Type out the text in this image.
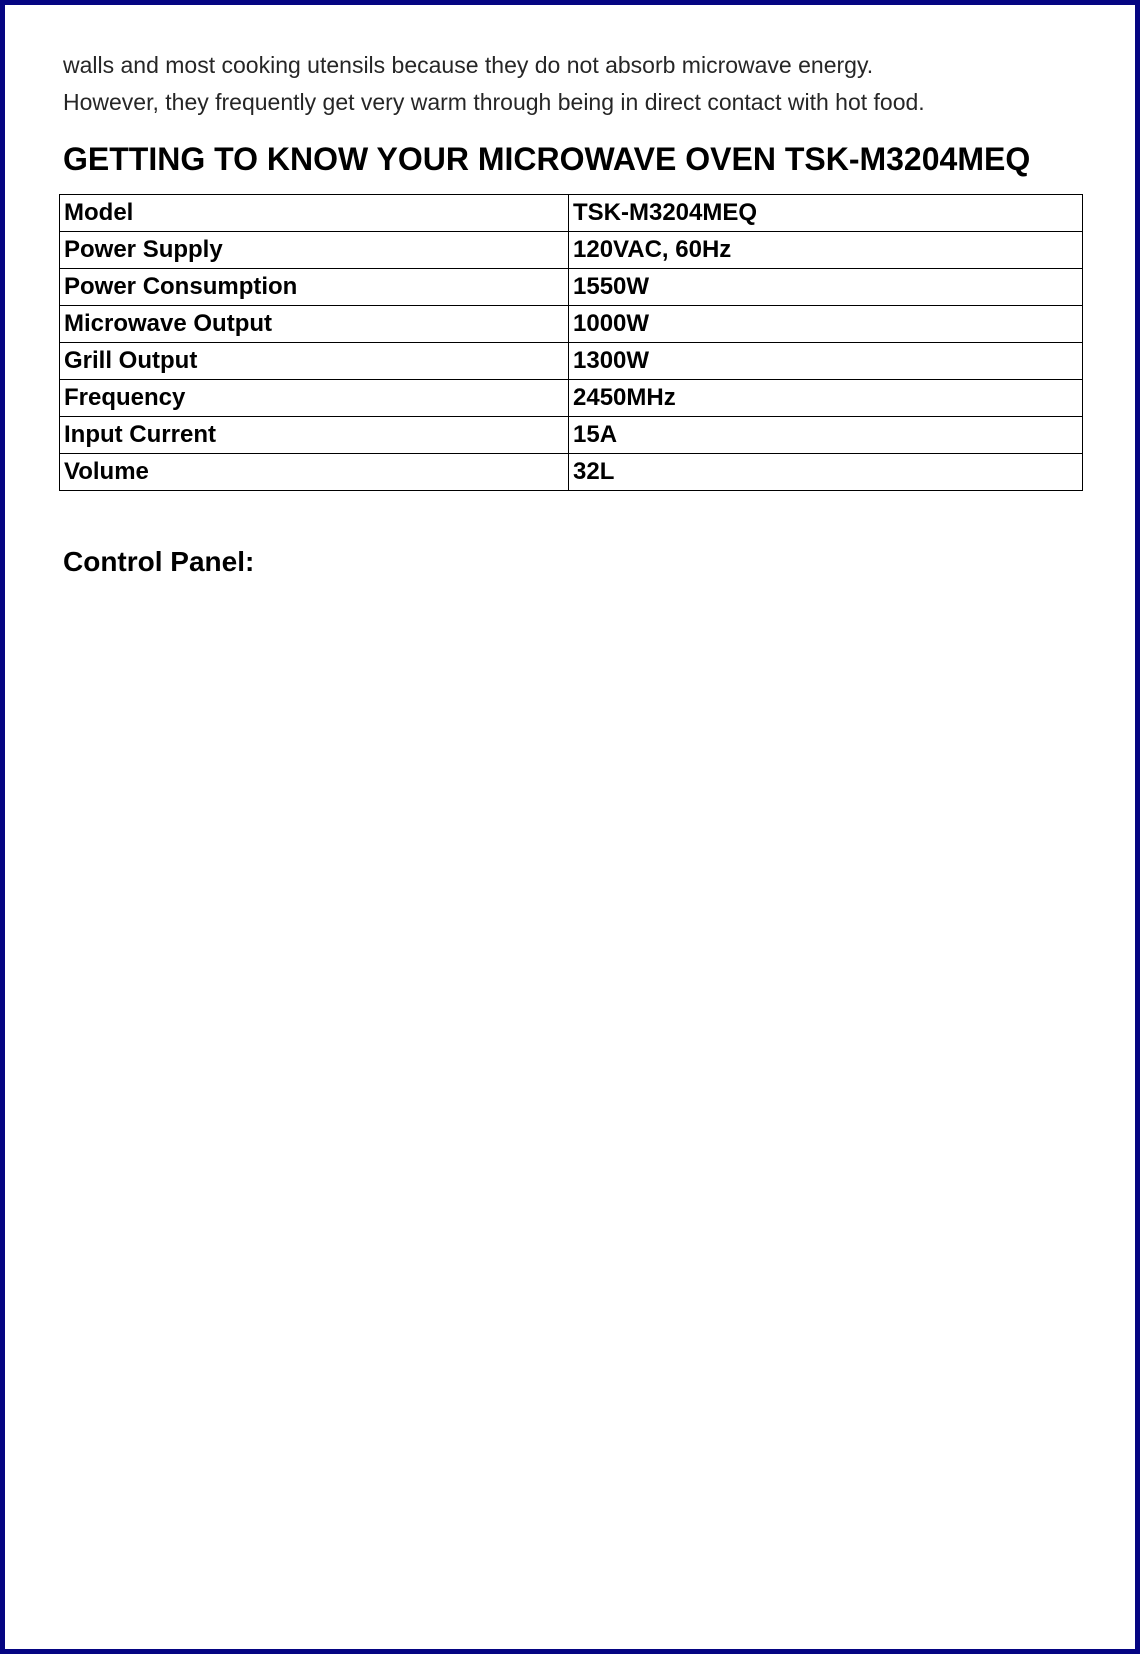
walls and most cooking utensils because they do not absorb microwave energy.

However, they frequently get very warm through being in direct contact with hot food.

GETTING TO KNOW YOUR MICROWAVE OVEN TSK-M3204MEQ
Model	TSK-M3204MEQ
Power Supply	120VAC, 60Hz
Power Consumption	1550W
Microwave Output	1000W
Grill Output	1300W
Frequency	2450MHz
Input Current	15A
Volume	32L
Control Panel:
